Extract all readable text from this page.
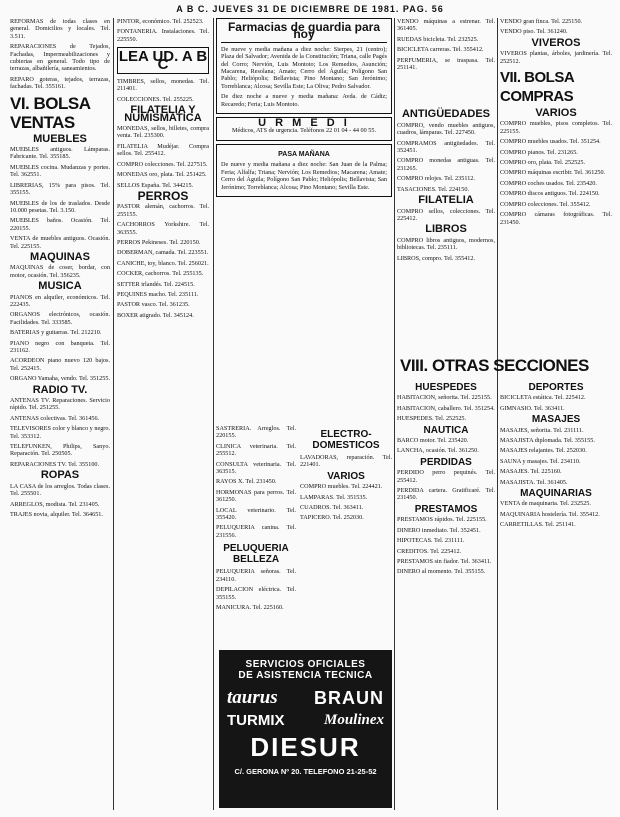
A B C. JUEVES 31 DE DICIEMBRE DE 1981. PAG. 56

REFORMAS de todas clases en general. Domicilios y locales. Tel. 3.511.

REPARACIONES de Tejados, Fachadas, Impermeabilizaciones y cubiertas en general. Todo tipo de terrazas, albañilería, saneamientos.

REPARO goteras, tejados, terrazas, fachadas. Tel. 355161.

VI. BOLSA VENTAS
MUEBLES

MUEBLES antiguos. Lámparas. Fabricante. Tel. 355185.

MUEBLES cocina. Mudanzas y portes. Tel. 362551.

LIBRERIAS, 15% para pisos. Tel. 355155.

MUEBLES de los de traslados. Desde 10.000 pesetas. Tel. 3.150.

MUEBLES baños. Ocasión. Tel. 220155.

VENTA de muebles antiguos. Ocasión. Tel. 225155.

MAQUINAS

MAQUINAS de coser, bordar, con motor, ocasión. Tel. 356235.

MUSICA

PIANOS en alquiler, económicos. Tel. 222435.

ORGANOS electrónicos, ocasión. Facilidades. Tel. 333585.

BATERIAS y guitarras. Tel. 212210.

PIANO negro con banqueta. Tel. 231162.

ACORDEON piano nuevo 120 bajos. Tel. 252415.

ORGANO Yamaha, vendo. Tel. 351255.

RADIO TV.

ANTENAS TV. Reparaciones. Servicio rápido. Tel. 251255.

ANTENAS colectivas. Tel. 361456.

TELEVISORES color y blanco y negro. Tel. 353312.

TELEFUNKEN, Philips, Sanyo. Reparación. Tel. 250505.

REPARACIONES TV. Tel. 355100.

ROPAS

LA CASA de los arreglos. Todas clases. Tel. 255501.

ARREGLOS, modista. Tel. 231405.

TRAJES novia, alquiler. Tel. 364651.

PINTOR, económico. Tel. 252523.

FONTANERIA. Instalaciones. Tel. 225550.

LEA UD. A B C

TIMBRES, sellos, monedas. Tel. 211401.

COLECCIONES. Tel. 255225.

FILATELIA Y NUMISMATICA

MONEDAS, sellos, billetes, compra venta. Tel. 235300.

FILATELIA Mudéjar. Compra sellos. Tel. 255412.

COMPRO colecciones. Tel. 227515.

MONEDAS oro, plata. Tel. 251425.

SELLOS España. Tel. 344215.

PERROS

PASTOR alemán, cachorros. Tel. 255155.

CACHORROS Yorkshire. Tel. 363555.

PERROS Pekineses. Tel. 220150.

DOBERMAN, camada. Tel. 223551.

CANICHE, toy, blanco. Tel. 256021.

COCKER, cachorros. Tel. 255135.

SETTER irlandés. Tel. 224515.

PEQUINES macho. Tel. 235111.

PASTOR vasco. Tel. 361235.

BOXER atigrado. Tel. 345124.

Farmacias de guardia para hoy

De nueve y media mañana a diez noche: Sierpes, 21 (centro); Plaza del Salvador; Avenida de la Constitución; Triana, calle Pagés del Corro; Nervión, Luis Montoto; Los Remedios, Asunción; Macarena, Resolana; Amate; Cerro del Águila; Polígono San Pablo; Heliópolis; Bellavista; Pino Montano; San Jerónimo; Torreblanca; Alcosa; Sevilla Este; La Oliva; Pedro Salvador.

De diez noche a nueve y media mañana: Avda. de Cádiz; Recaredo; Feria; Luis Montoto.

U R M E D I

Médicos, ATS de urgencia. Teléfonos 22 01 04 - 44 00 55.

PASA MAÑANA

De nueve y media mañana a diez noche: San Juan de la Palma; Feria; Alfalfa; Triana; Nervión; Los Remedios; Macarena; Amate; Cerro del Águila; Polígono San Pablo; Heliópolis; Bellavista; San Jerónimo; Torreblanca; Alcosa; Pino Montano; Sevilla Este.

SASTRERIA. Arreglos. Tel. 220155.

CLINICA veterinaria. Tel. 255512.

CONSULTA veterinaria. Tel. 363515.

RAYOS X. Tel. 231450.

HORMONAS para perros. Tel. 361250.

LOCAL veterinario. Tel. 355420.

PELUQUERIA canina. Tel. 231556.

PELUQUERIA BELLEZA

PELUQUERIA señoras. Tel. 234110.

DEPILACION eléctrica. Tel. 355155.

MANICURA. Tel. 225160.

ELECTRO-DOMESTICOS

LAVADORAS, reparación. Tel. 221401.

VARIOS

COMPRO muebles. Tel. 224421.

LAMPARAS. Tel. 351535.

CUADROS. Tel. 363411.

TAPICERO. Tel. 252030.

SERVICIOS OFICIALES
DE ASISTENCIA TECNICA
taurus BRAUN
TURMIX	Moulinex
DIESUR
C/. GERONA Nº 20. TELEFONO 21-25-52

VENDO máquinas a estrenar. Tel. 361405.

RUEDAS bicicleta. Tel. 232525.

BICICLETA carreras. Tel. 355412.

PERFUMERIA, se traspasa. Tel. 251141.

ANTIGÜEDADES

COMPRO, vendo muebles antiguos, cuadros, lámparas. Tel. 227450.

COMPRAMOS antigüedades. Tel. 352451.

COMPRO monedas antiguas. Tel. 231265.

COMPRO relojes. Tel. 235112.

TASACIONES. Tel. 224150.

FILATELIA

COMPRO sellos, colecciones. Tel. 225412.

LIBROS

COMPRO libros antiguos, modernos, bibliotecas. Tel. 235111.

LIBROS, compro. Tel. 355412.

VIII. OTRAS SECCIONES
HUESPEDES

HABITACION, señorita. Tel. 225155.

HABITACION, caballero. Tel. 351254.

HUESPEDES. Tel. 252525.

NAUTICA

BARCO motor. Tel. 235420.

LANCHA, ocasión. Tel. 361250.

PERDIDAS

PERDIDO perro pequinés. Tel. 255412.

PERDIDA cartera. Gratificaré. Tel. 231450.

PRESTAMOS

PRESTAMOS rápidos. Tel. 225155.

DINERO inmediato. Tel. 352451.

HIPOTECAS. Tel. 231111.

CREDITOS. Tel. 225412.

PRESTAMOS sin fiador. Tel. 363411.

DINERO al momento. Tel. 355155.

VENDO gran finca. Tel. 225150.

VENDO piso. Tel. 361240.

VIVEROS

VIVEROS plantas, árboles, jardinería. Tel. 252512.

VII. BOLSA COMPRAS
VARIOS

COMPRO muebles, pisos completos. Tel. 225155.

COMPRO muebles usados. Tel. 351254.

COMPRO pianos. Tel. 231265.

COMPRO oro, plata. Tel. 252525.

COMPRO máquinas escribir. Tel. 361250.

COMPRO coches usados. Tel. 235420.

COMPRO discos antiguos. Tel. 224150.

COMPRO colecciones. Tel. 355412.

COMPRO cámaras fotográficas. Tel. 231450.

DEPORTES

BICICLETA estática. Tel. 225412.

GIMNASIO. Tel. 363411.

MASAJES

MASAJES, señorita. Tel. 231111.

MASAJISTA diplomada. Tel. 355155.

MASAJES relajantes. Tel. 252030.

SAUNA y masajes. Tel. 234110.

MASAJES. Tel. 225160.

MASAJISTA. Tel. 361405.

MAQUINARIAS

VENTA de maquinaria. Tel. 232525.

MAQUINARIA hostelería. Tel. 355412.

CARRETILLAS. Tel. 251141.
